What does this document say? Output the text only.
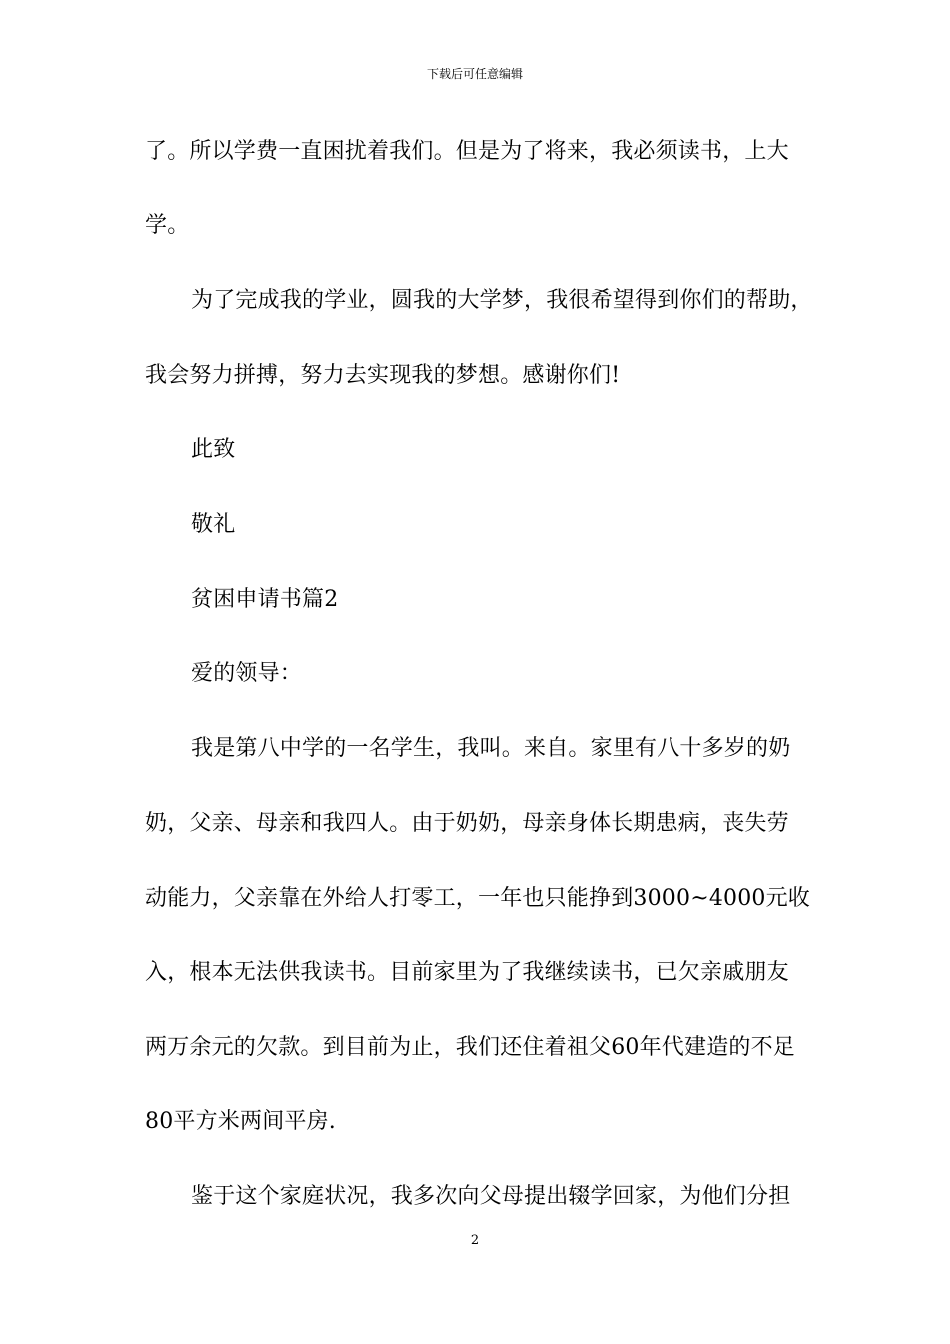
下载后可任意编辑
了。所以学费一直困扰着我们。但是为了将来，我必须读书，上大
学。
为了完成我的学业，圆我的大学梦，我很希望得到你们的帮助，
我会努力拼搏，努力去实现我的梦想。感谢你们!
此致
敬礼
贫困申请书篇2
爱的领导：
我是第八中学的一名学生，我叫。来自。家里有八十多岁的奶
奶，父亲、母亲和我四人。由于奶奶，母亲身体长期患病，丧失劳
动能力，父亲靠在外给人打零工，一年也只能挣到3000~4000元收
入，根本无法供我读书。目前家里为了我继续读书，已欠亲戚朋友
两万余元的欠款。到目前为止，我们还住着祖父60年代建造的不足
80平方米两间平房.
鉴于这个家庭状况，我多次向父母提出辍学回家，为他们分担
2
